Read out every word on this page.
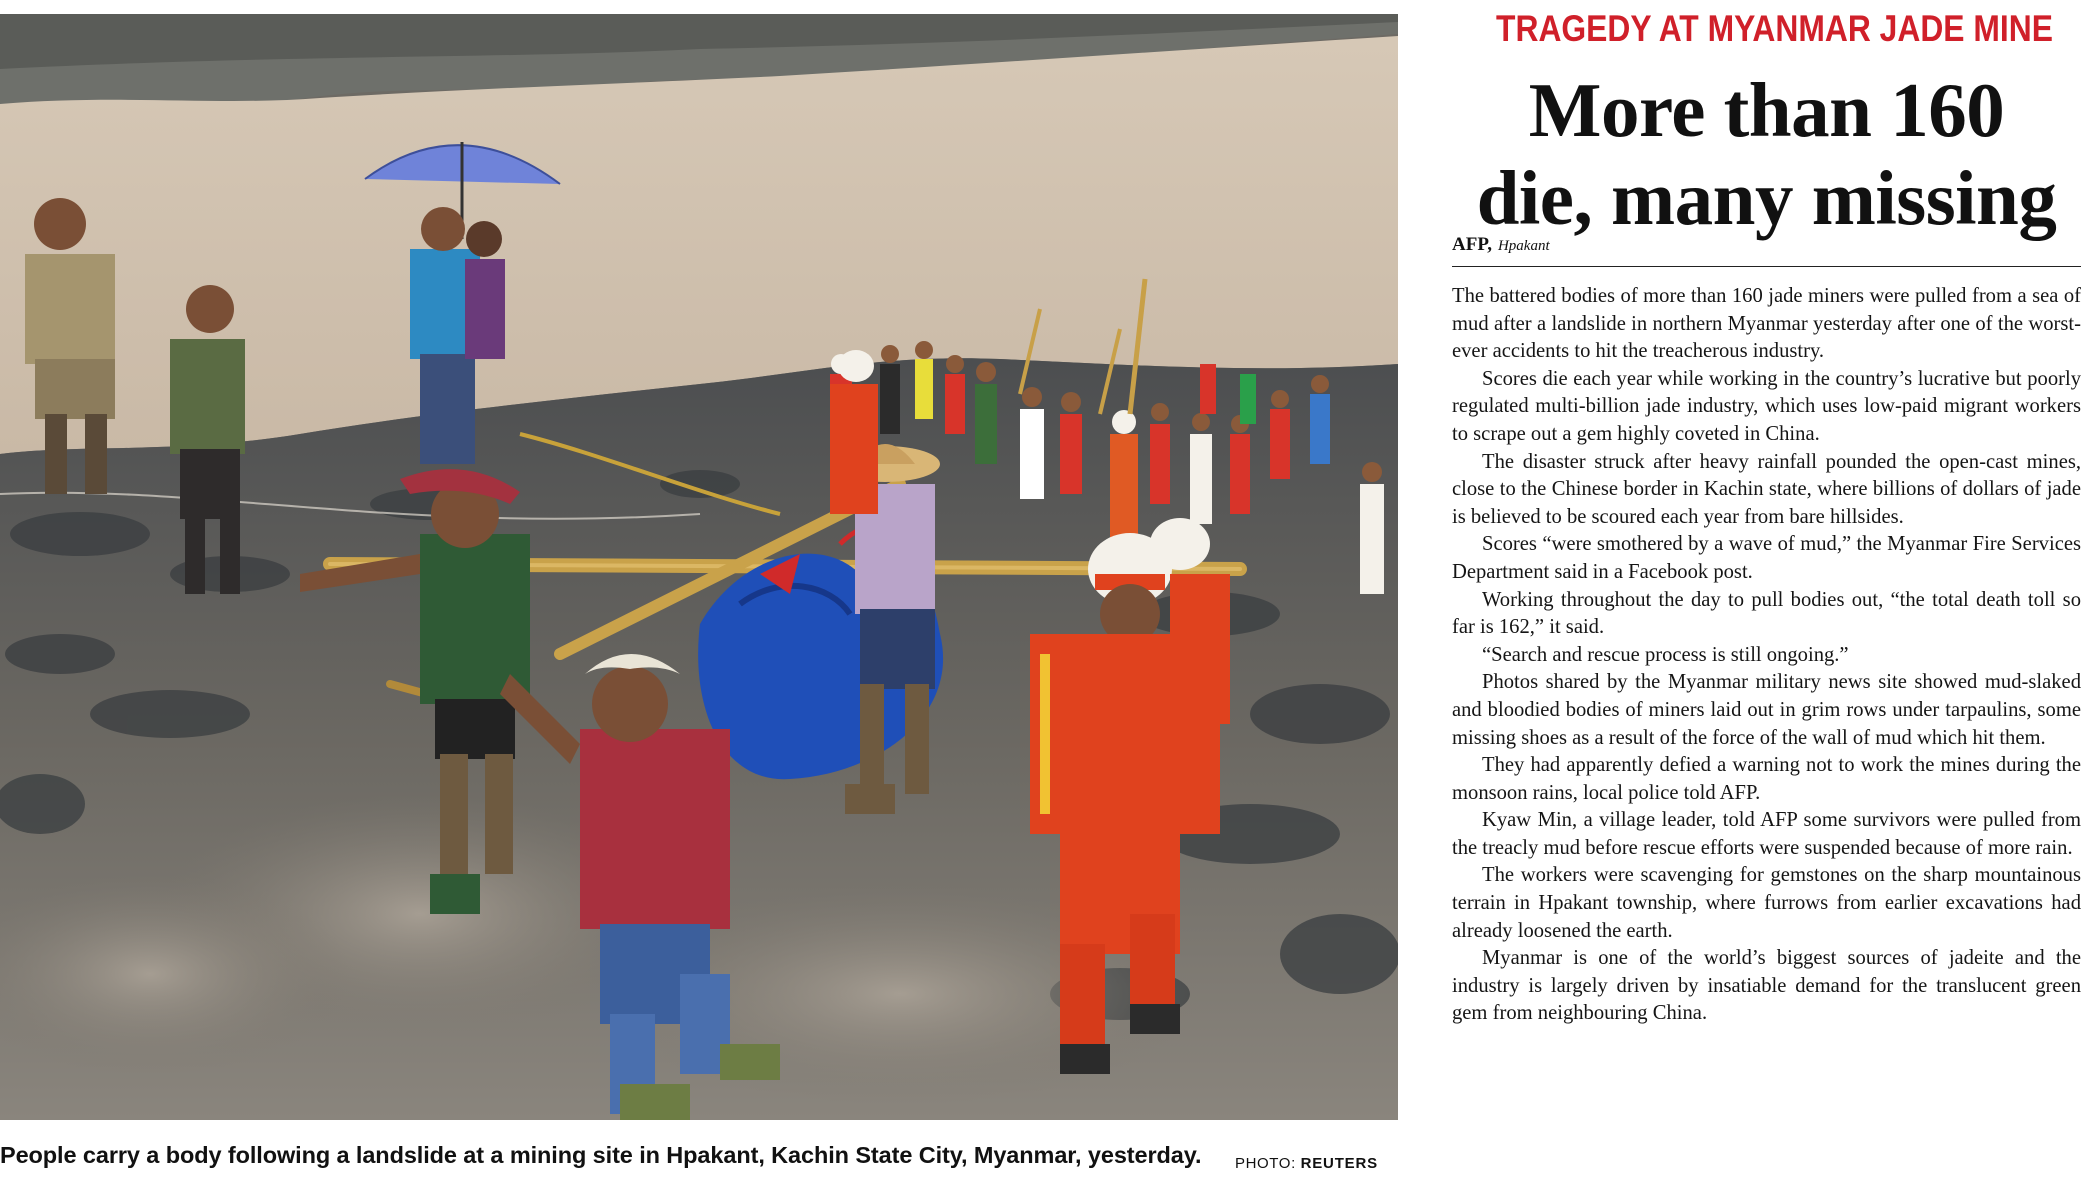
People carry a body following a landslide at a mining site in Hpakant, Kachin State City, Myanmar, yesterday.	PHOTO: REUTERS
TRAGEDY AT MYANMAR JADE MINE
More than 160
die, many missing
AFP, Hpakant

The battered bodies of more than 160 jade miners were pulled from a sea of mud after a landslide in northern Myanmar yesterday after one of the worst-ever accidents to hit the treacherous industry.

Scores die each year while working in the country’s lucrative but poorly regulated multi-billion jade industry, which uses low-paid migrant workers to scrape out a gem highly coveted in China.

The disaster struck after heavy rainfall pounded the open-cast mines, close to the Chinese border in Kachin state, where billions of dollars of jade is believed to be scoured each year from bare hillsides.

Scores “were smothered by a wave of mud,” the Myanmar Fire Services Department said in a Facebook post.

Working throughout the day to pull bodies out, “the total death toll so far is 162,” it said.

“Search and rescue process is still ongoing.”

Photos shared by the Myanmar military news site showed mud-slaked and bloodied bodies of miners laid out in grim rows under tarpaulins, some missing shoes as a result of the force of the wall of mud which hit them.

They had apparently defied a warning not to work the mines during the monsoon rains, local police told AFP.

Kyaw Min, a village leader, told AFP some survivors were pulled from the treacly mud before rescue efforts were suspended because of more rain.

The workers were scavenging for gemstones on the sharp mountainous terrain in Hpakant township, where furrows from earlier excavations had already loosened the earth.

Myanmar is one of the world’s biggest sources of jadeite and the industry is largely driven by insatiable demand for the translucent green gem from neighbouring China.
